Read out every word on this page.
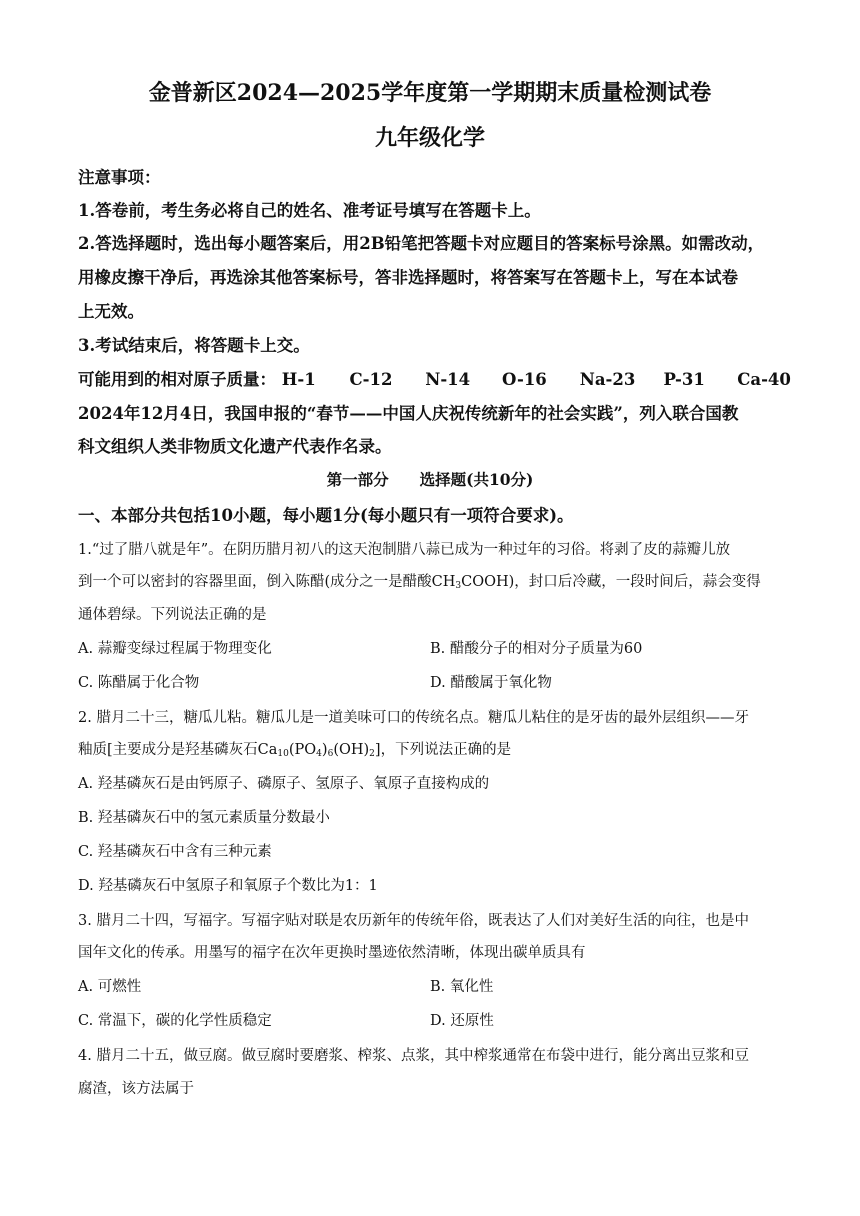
金普新区2024—2025学年度第一学期期末质量检测试卷
九年级化学
注意事项：
1.答卷前，考生务必将自己的姓名、准考证号填写在答题卡上。
2.答选择题时，选出每小题答案后，用2B铅笔把答题卡对应题目的答案标号涂黑。如需改动，
用橡皮擦干净后，再选涂其他答案标号，答非选择题时，将答案写在答题卡上，写在本试卷
上无效。
3.考试结束后，将答题卡上交。
可能用到的相对原子质量： H-1 C-12 N-14 O-16 Na-23 P-31 Ca-40
2024年12月4日，我国申报的“春节——中国人庆祝传统新年的社会实践”，列入联合国教
科文组织人类非物质文化遗产代表作名录。
第一部分　　选择题(共10分)
一、本部分共包括10小题，每小题1分(每小题只有一项符合要求)。
1.“过了腊八就是年”。在阴历腊月初八的这天泡制腊八蒜已成为一种过年的习俗。将剥了皮的蒜瓣儿放
到一个可以密封的容器里面，倒入陈醋(成分之一是醋酸$CH_3COOH$)，封口后冷藏，一段时间后，蒜会变得
通体碧绿。下列说法正确的是
A. 蒜瓣变绿过程属于物理变化	B. 醋酸分子的相对分子质量为60
C. 陈醋属于化合物	D. 醋酸属于氧化物
2. 腊月二十三，糖瓜儿粘。糖瓜儿是一道美味可口的传统名点。糖瓜儿粘住的是牙齿的最外层组织——牙
釉质[主要成分是羟基磷灰石$Ca_{10}(PO_4)_6(OH)_2$]，下列说法正确的是
A. 羟基磷灰石是由钙原子、磷原子、氢原子、氧原子直接构成的
B. 羟基磷灰石中的氢元素质量分数最小
C. 羟基磷灰石中含有三种元素
D. 羟基磷灰石中氢原子和氧原子个数比为1：1
3. 腊月二十四，写福字。写福字贴对联是农历新年的传统年俗，既表达了人们对美好生活的向往，也是中
国年文化的传承。用墨写的福字在次年更换时墨迹依然清晰，体现出碳单质具有
A. 可燃性	B. 氧化性
C. 常温下，碳的化学性质稳定	D. 还原性
4. 腊月二十五，做豆腐。做豆腐时要磨浆、榨浆、点浆，其中榨浆通常在布袋中进行，能分离出豆浆和豆
腐渣，该方法属于
